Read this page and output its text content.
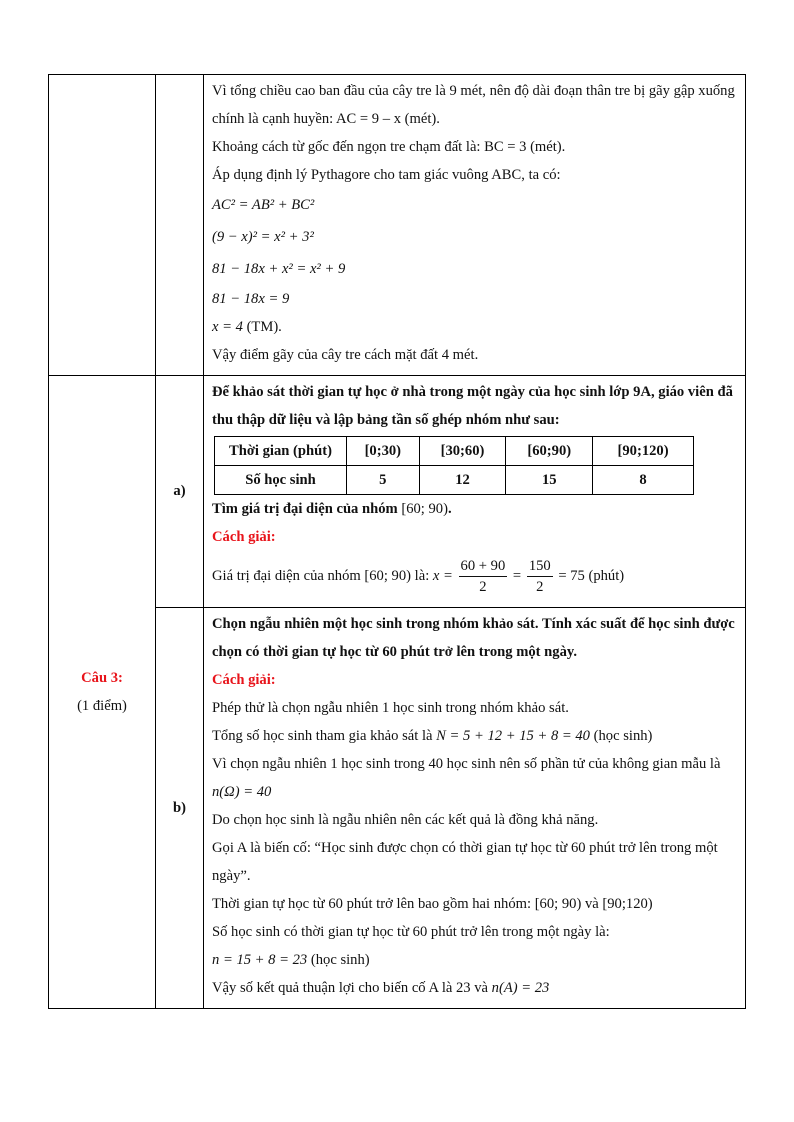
Vì tổng chiều cao ban đầu của cây tre là 9 mét, nên độ dài đoạn thân tre bị gãy gập xuống chính là cạnh huyền: AC = 9 – x (mét).
Khoảng cách từ gốc đến ngọn tre chạm đất là: BC = 3 (mét).
Áp dụng định lý Pythagore cho tam giác vuông ABC, ta có:
AC² = AB² + BC²
(9 − x)² = x² + 3²
81 − 18x + x² = x² + 9
81 − 18x = 9
x = 4 (TM).
Vậy điểm gãy của cây tre cách mặt đất 4 mét.

Câu 3:
(1 điểm)
	a)	
Để khảo sát thời gian tự học ở nhà trong một ngày của học sinh lớp 9A, giáo viên đã thu thập dữ liệu và lập bảng tần số ghép nhóm như sau:
Thời gian (phút)	[0;30)	[30;60)	[60;90)	[90;120)
Số học sinh	5	12	15	8
Tìm giá trị đại diện của nhóm [60; 90).
Cách giải:
Giá trị đại diện của nhóm [60; 90) là: $x = \frac{60 + 90}{2} = \frac{150}{2} = 75$ (phút)

b)	
Chọn ngẫu nhiên một học sinh trong nhóm khảo sát. Tính xác suất để học sinh được chọn có thời gian tự học từ 60 phút trở lên trong một ngày.
Cách giải:
Phép thử là chọn ngẫu nhiên 1 học sinh trong nhóm khảo sát.
Tổng số học sinh tham gia khảo sát là N = 5 + 12 + 15 + 8 = 40 (học sinh)
Vì chọn ngẫu nhiên 1 học sinh trong 40 học sinh nên số phần tử của không gian mẫu là n(Ω) = 40
Do chọn học sinh là ngẫu nhiên nên các kết quả là đồng khả năng.
Gọi A là biến cố: “Học sinh được chọn có thời gian tự học từ 60 phút trở lên trong một ngày”.
Thời gian tự học từ 60 phút trở lên bao gồm hai nhóm: [60; 90) và [90;120)
Số học sinh có thời gian tự học từ 60 phút trở lên trong một ngày là:
n = 15 + 8 = 23 (học sinh)
Vậy số kết quả thuận lợi cho biến cố A là 23 và n(A) = 23
